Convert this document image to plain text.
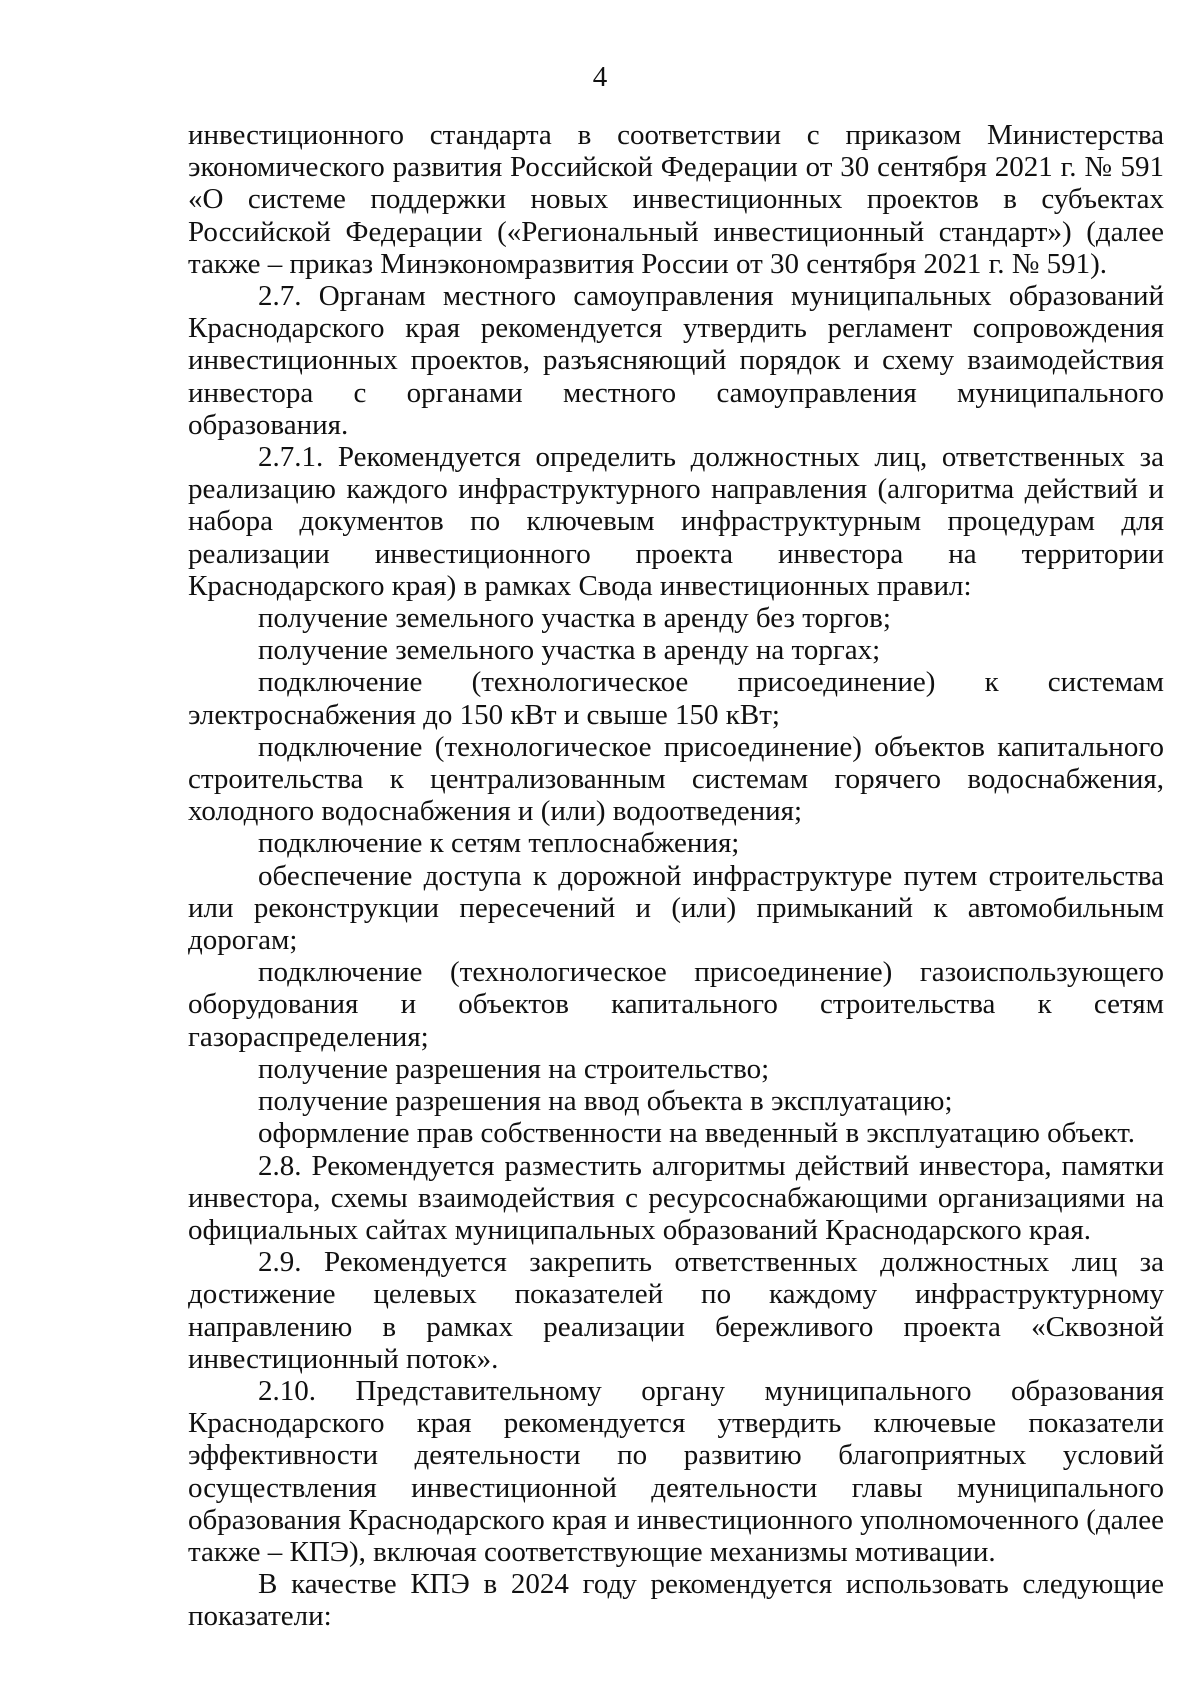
4

инвестиционного стандарта в соответствии с приказом Министерства экономического развития Российской Федерации от 30 сентября 2021 г. № 591 «О системе поддержки новых инвестиционных проектов в субъектах Российской Федерации («Региональный инвестиционный стандарт») (далее также – приказ Минэкономразвития России от 30 сентября 2021 г. № 591).

2.7. Органам местного самоуправления муниципальных образований Краснодарского края рекомендуется утвердить регламент сопровождения инвестиционных проектов, разъясняющий порядок и схему взаимодействия инвестора с органами местного самоуправления муниципального образования.

2.7.1. Рекомендуется определить должностных лиц, ответственных за реализацию каждого инфраструктурного направления (алгоритма действий и набора документов по ключевым инфраструктурным процедурам для реализации инвестиционного проекта инвестора на территории Краснодарского края) в рамках Свода инвестиционных правил:

получение земельного участка в аренду без торгов;

получение земельного участка в аренду на торгах;

подключение (технологическое присоединение) к системам электроснабжения до 150 кВт и свыше 150 кВт;

подключение (технологическое присоединение) объектов капитального строительства к централизованным системам горячего водоснабжения, холодного водоснабжения и (или) водоотведения;

подключение к сетям теплоснабжения;

обеспечение доступа к дорожной инфраструктуре путем строительства или реконструкции пересечений и (или) примыканий к автомобильным дорогам;

подключение (технологическое присоединение) газоиспользующего оборудования и объектов капитального строительства к сетям газораспределения;

получение разрешения на строительство;

получение разрешения на ввод объекта в эксплуатацию;

оформление прав собственности на введенный в эксплуатацию объект.

2.8. Рекомендуется разместить алгоритмы действий инвестора, памятки инвестора, схемы взаимодействия с ресурсоснабжающими организациями на официальных сайтах муниципальных образований Краснодарского края.

2.9. Рекомендуется закрепить ответственных должностных лиц за достижение целевых показателей по каждому инфраструктурному направлению в рамках реализации бережливого проекта «Сквозной инвестиционный поток».

2.10. Представительному органу муниципального образования Краснодарского края рекомендуется утвердить ключевые показатели эффективности деятельности по развитию благоприятных условий осуществления инвестиционной деятельности главы муниципального образования Краснодарского края и инвестиционного уполномоченного (далее также – КПЭ), включая соответствующие механизмы мотивации.

В качестве КПЭ в 2024 году рекомендуется использовать следующие показатели:
